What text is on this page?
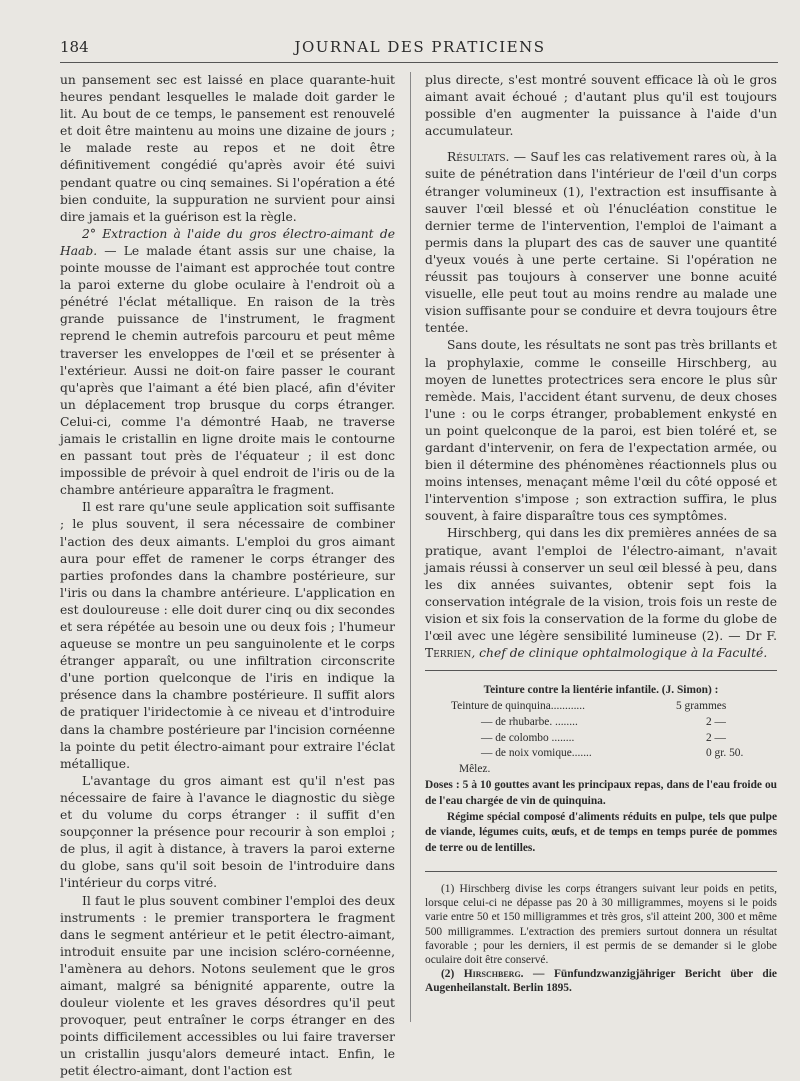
184	JOURNAL DES PRATICIENS

un pansement sec est laissé en place quarante-huit heures pendant lesquelles le malade doit garder le lit. Au bout de ce temps, le pansement est renouvelé et doit être maintenu au moins une dizaine de jours ; le malade reste au repos et ne doit être définitivement congédié qu'après avoir été suivi pendant quatre ou cinq semaines. Si l'opération a été bien conduite, la suppuration ne survient pour ainsi dire jamais et la guérison est la règle.

2° Extraction à l'aide du gros électro-aimant de Haab. — Le malade étant assis sur une chaise, la pointe mousse de l'aimant est approchée tout contre la paroi externe du globe oculaire à l'endroit où a pénétré l'éclat métallique. En raison de la très grande puissance de l'instrument, le fragment reprend le chemin autrefois parcouru et peut même traverser les enveloppes de l'œil et se présenter à l'extérieur. Aussi ne doit-on faire passer le courant qu'après que l'aimant a été bien placé, afin d'éviter un déplacement trop brusque du corps étranger. Celui-ci, comme l'a démontré Haab, ne traverse jamais le cristallin en ligne droite mais le contourne en passant tout près de l'équateur ; il est donc impossible de prévoir à quel endroit de l'iris ou de la chambre antérieure apparaîtra le fragment.

Il est rare qu'une seule application soit suffisante ; le plus souvent, il sera nécessaire de combiner l'action des deux aimants. L'emploi du gros aimant aura pour effet de ramener le corps étranger des parties profondes dans la chambre postérieure, sur l'iris ou dans la chambre antérieure. L'application en est douloureuse : elle doit durer cinq ou dix secondes et sera répétée au besoin une ou deux fois ; l'humeur aqueuse se montre un peu sanguinolente et le corps étranger apparaît, ou une infiltration circonscrite d'une portion quelconque de l'iris en indique la présence dans la chambre postérieure. Il suffit alors de pratiquer l'iridectomie à ce niveau et d'introduire dans la chambre postérieure par l'incision cornéenne la pointe du petit électro-aimant pour extraire l'éclat métallique.

L'avantage du gros aimant est qu'il n'est pas nécessaire de faire à l'avance le diagnostic du siège et du volume du corps étranger : il suffit d'en soupçonner la présence pour recourir à son emploi ; de plus, il agit à distance, à travers la paroi externe du globe, sans qu'il soit besoin de l'introduire dans l'intérieur du corps vitré.

Il faut le plus souvent combiner l'emploi des deux instruments : le premier transportera le fragment dans le segment antérieur et le petit électro-aimant, introduit ensuite par une incision scléro-cornéenne, l'amènera au dehors. Notons seulement que le gros aimant, malgré sa bénignité apparente, outre la douleur violente et les graves désordres qu'il peut provoquer, peut entraîner le corps étranger en des points difficilement accessibles ou lui faire traverser un cristallin jusqu'alors demeuré intact. Enfin, le petit électro-aimant, dont l'action est

plus directe, s'est montré souvent efficace là où le gros aimant avait échoué ; d'autant plus qu'il est toujours possible d'en augmenter la puissance à l'aide d'un accumulateur.

Résultats. — Sauf les cas relativement rares où, à la suite de pénétration dans l'intérieur de l'œil d'un corps étranger volumineux (1), l'extraction est insuffisante à sauver l'œil blessé et où l'énucléation constitue le dernier terme de l'intervention, l'emploi de l'aimant a permis dans la plupart des cas de sauver une quantité d'yeux voués à une perte certaine. Si l'opération ne réussit pas toujours à conserver une bonne acuité visuelle, elle peut tout au moins rendre au malade une vision suffisante pour se conduire et devra toujours être tentée.

Sans doute, les résultats ne sont pas très brillants et la prophylaxie, comme le conseille Hirschberg, au moyen de lunettes protectrices sera encore le plus sûr remède. Mais, l'accident étant survenu, de deux choses l'une : ou le corps étranger, probablement enkysté en un point quelconque de la paroi, est bien toléré et, se gardant d'intervenir, on fera de l'expectation armée, ou bien il détermine des phénomènes réactionnels plus ou moins intenses, menaçant même l'œil du côté opposé et l'intervention s'impose ; son extraction suffira, le plus souvent, à faire disparaître tous ces symptômes.

Hirschberg, qui dans les dix premières années de sa pratique, avant l'emploi de l'électro-aimant, n'avait jamais réussi à conserver un seul œil blessé à peu, dans les dix années suivantes, obtenir sept fois la conservation intégrale de la vision, trois fois un reste de vision et six fois la conservation de la forme du globe de l'œil avec une légère sensibilité lumineuse (2). — Dr F. Terrien, chef de clinique ophtalmologique à la Faculté.

Teinture contre la lientérie infantile. (J. Simon) :

Teinture de quinquina............	5 grammes
— de rhubarbe. ........	2 —
— de colombo ........	2 —
— de noix vomique.......	0 gr. 50.

Mêlez.

Doses : 5 à 10 gouttes avant les principaux repas, dans de l'eau froide ou de l'eau chargée de vin de quinquina.

Régime spécial composé d'aliments réduits en pulpe, tels que pulpe de viande, légumes cuits, œufs, et de temps en temps purée de pommes de terre ou de lentilles.

(1) Hirschberg divise les corps étrangers suivant leur poids en petits, lorsque celui-ci ne dépasse pas 20 à 30 milligrammes, moyens si le poids varie entre 50 et 150 milligrammes et très gros, s'il atteint 200, 300 et même 500 milligrammes. L'extraction des premiers surtout donnera un résultat favorable ; pour les derniers, il est permis de se demander si le globe oculaire doit être conservé.

(2) Hirschberg. — Fünfundzwanzigjähriger Bericht über die Augenheilanstalt. Berlin 1895.
